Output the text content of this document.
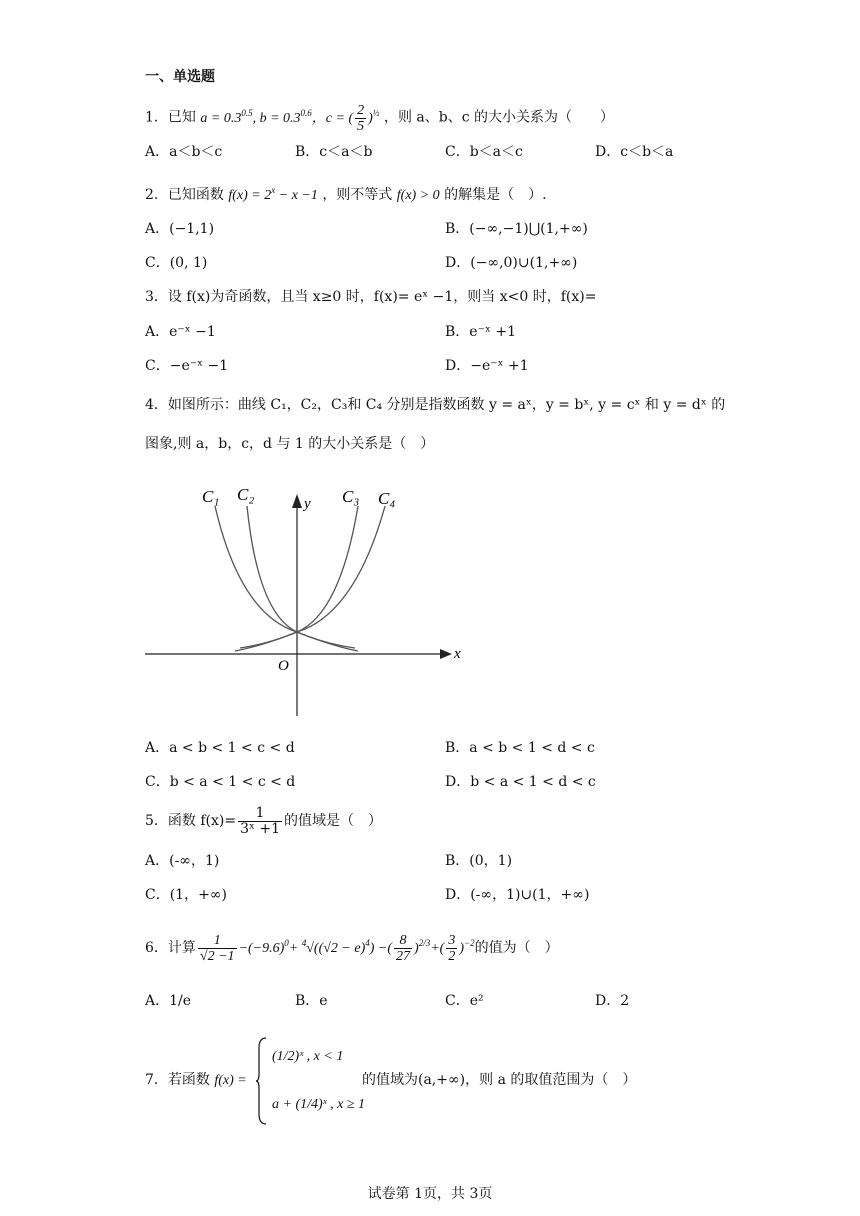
一、单选题
1．已知 $a = 0.3^{0.5}$, $b = 0.3^{0.6}$，c = ( $\frac{2}{5} )^{\frac{1}{2}}$ ，则 a、b、c 的大小关系为（　　）
A．a＜b＜c	B．c＜a＜b	C．b＜a＜c	D．c＜b＜a
2．已知函数 $f(x) = 2^x - x -1$ ，则不等式 f(x) > 0 的解集是（　）.
A．(−1,1)	B．(−∞,−1)⋃(1,+∞)
C．(0, 1)	D．(−∞,0)∪(1,+∞)
3．设 f(x)为奇函数，且当 x≥0 时，f(x)= eˣ −1，则当 x<0 时，f(x)=
A．e⁻ˣ −1	B．e⁻ˣ +1
C．−e⁻ˣ −1	D．−e⁻ˣ +1
4．如图所示：曲线 C₁，C₂，C₃和 C₄ 分别是指数函数 y = aˣ，y = bˣ, y = cˣ 和 y = dˣ 的
图象,则 a，b，c，d 与 1 的大小关系是（　）
C₁ C₂	C₃ C₄
y
x
O
A．a < b < 1 < c < d	B．a < b < 1 < d < c
C．b < a < 1 < c < d	D．b < a < 1 < d < c
5．函数 $f(x)= \frac{1}{\text{3ˣ +1}}$ 的值域是（　）
A．(-∞，1)	B．(0，1)
C．(1，+∞)	D．(-∞，1)∪(1，+∞)
6．计算 $\frac{1}{√2 -1} -(-9.6)^0+ ^4√((√2 - e)^4)$ −( $\frac{8}{27} )^{2/3}+( \frac{3}{2} )^{-2}$的值为（　）
A．1/e	B．e	C．e²	D．2
7．若函数 f(x) =
(1/2)ˣ , x < 1
a + (1/4)ˣ , x ≥ 1
的值域为(a,+∞)，则 a 的取值范围为（　）
试卷第 1页，共 3页
